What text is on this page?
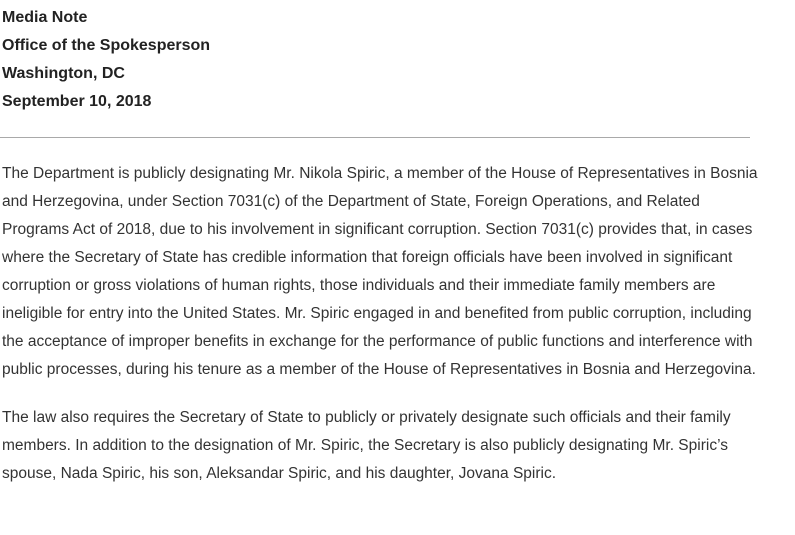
Media Note
Office of the Spokesperson
Washington, DC
September 10, 2018

The Department is publicly designating Mr. Nikola Spiric, a member of the House of Representatives in Bosnia and Herzegovina, under Section 7031(c) of the Department of State, Foreign Operations, and Related Programs Act of 2018, due to his involvement in significant corruption. Section 7031(c) provides that, in cases where the Secretary of State has credible information that foreign officials have been involved in significant corruption or gross violations of human rights, those individuals and their immediate family members are ineligible for entry into the United States. Mr. Spiric engaged in and benefited from public corruption, including the acceptance of improper benefits in exchange for the performance of public functions and interference with public processes, during his tenure as a member of the House of Representatives in Bosnia and Herzegovina.

The law also requires the Secretary of State to publicly or privately designate such officials and their family members. In addition to the designation of Mr. Spiric, the Secretary is also publicly designating Mr. Spiric’s spouse, Nada Spiric, his son, Aleksandar Spiric, and his daughter, Jovana Spiric.
